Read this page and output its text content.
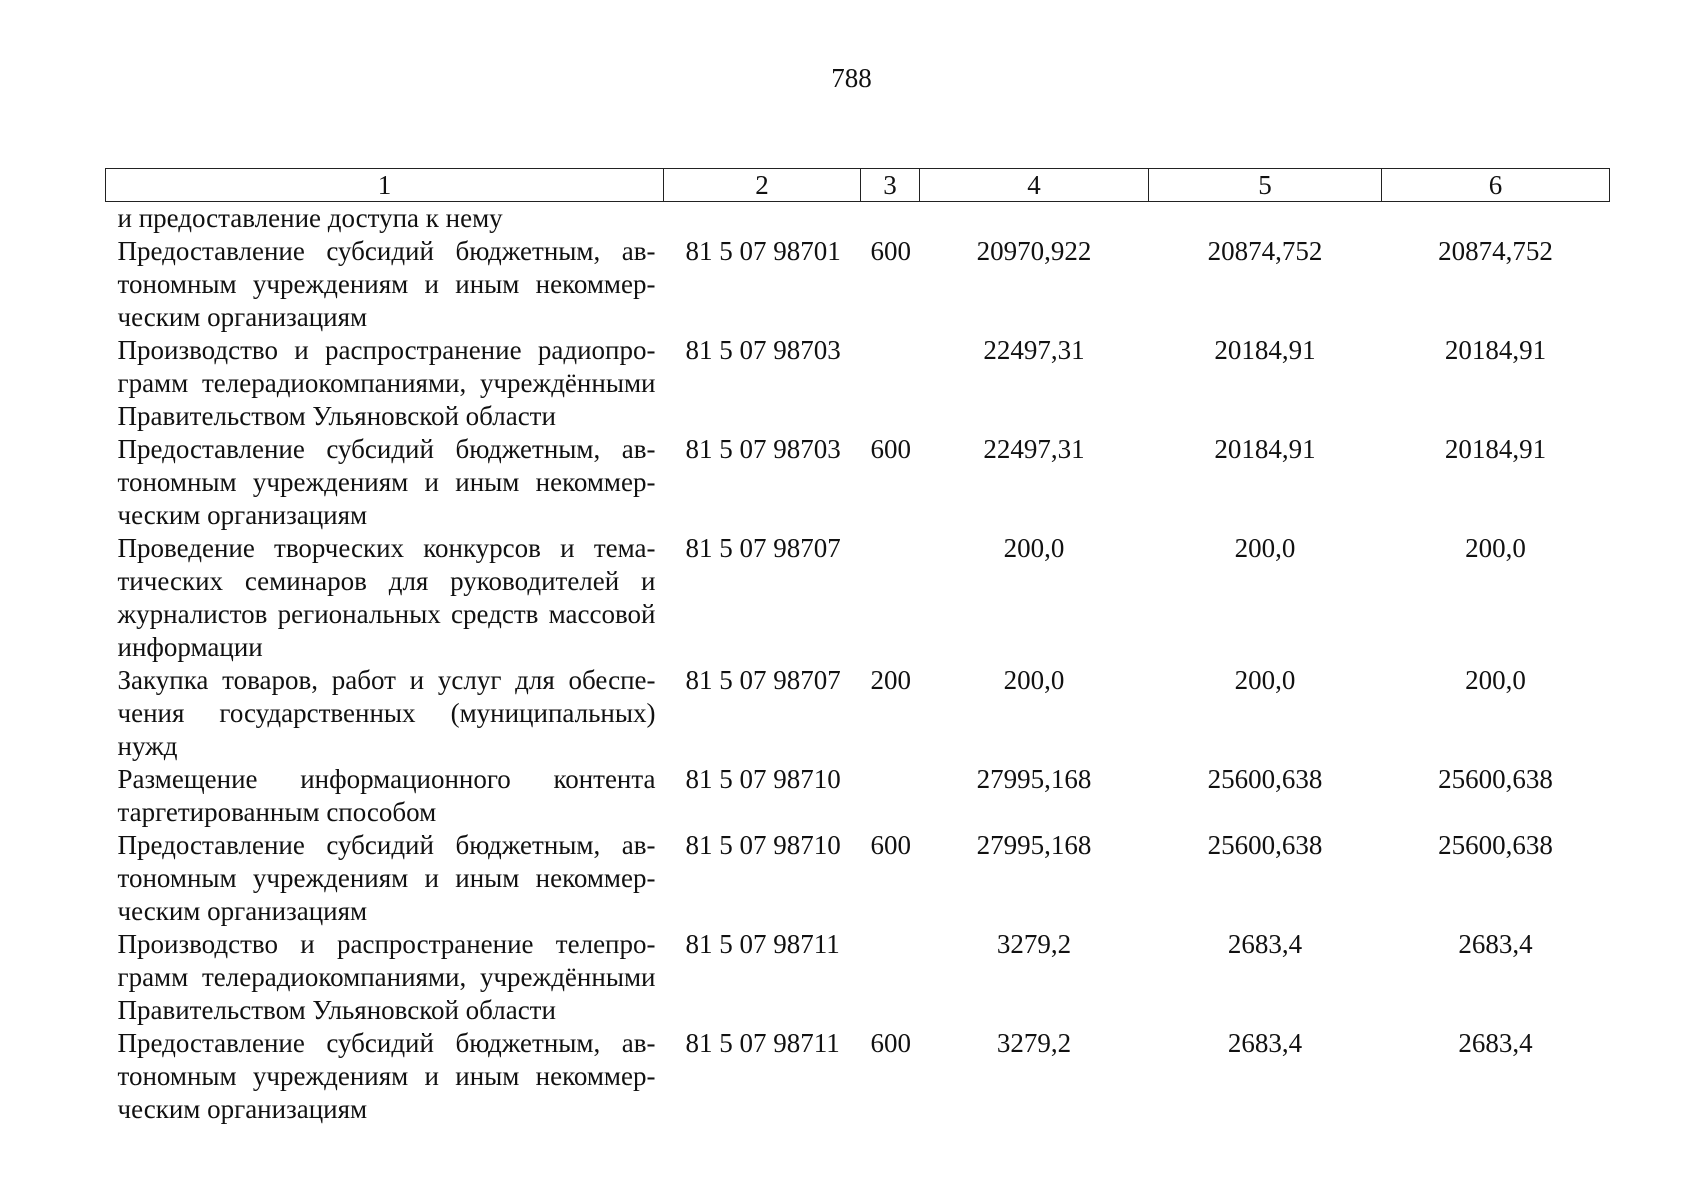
788
1	2	3	4	5	6
и предоставление доступа к нему					
Предоставление субсидий бюджетным, автономным учреждениям и иным некоммерческим организациям	81 5 07 98701	600	20970,922	20874,752	20874,752
Производство и распространение радиопрограмм телерадиокомпаниями, учреждёнными Правительством Ульяновской области	81 5 07 98703		22497,31	20184,91	20184,91
Предоставление субсидий бюджетным, автономным учреждениям и иным некоммерческим организациям	81 5 07 98703	600	22497,31	20184,91	20184,91
Проведение творческих конкурсов и тематических семинаров для руководителей и журналистов региональных средств массовой информации	81 5 07 98707		200,0	200,0	200,0
Закупка товаров, работ и услуг для обеспечения государственных (муниципальных) нужд	81 5 07 98707	200	200,0	200,0	200,0
Размещение информационного контента таргетированным способом	81 5 07 98710		27995,168	25600,638	25600,638
Предоставление субсидий бюджетным, автономным учреждениям и иным некоммерческим организациям	81 5 07 98710	600	27995,168	25600,638	25600,638
Производство и распространение телепрограмм телерадиокомпаниями, учреждёнными Правительством Ульяновской области	81 5 07 98711		3279,2	2683,4	2683,4
Предоставление субсидий бюджетным, автономным учреждениям и иным некоммерческим организациям	81 5 07 98711	600	3279,2	2683,4	2683,4
